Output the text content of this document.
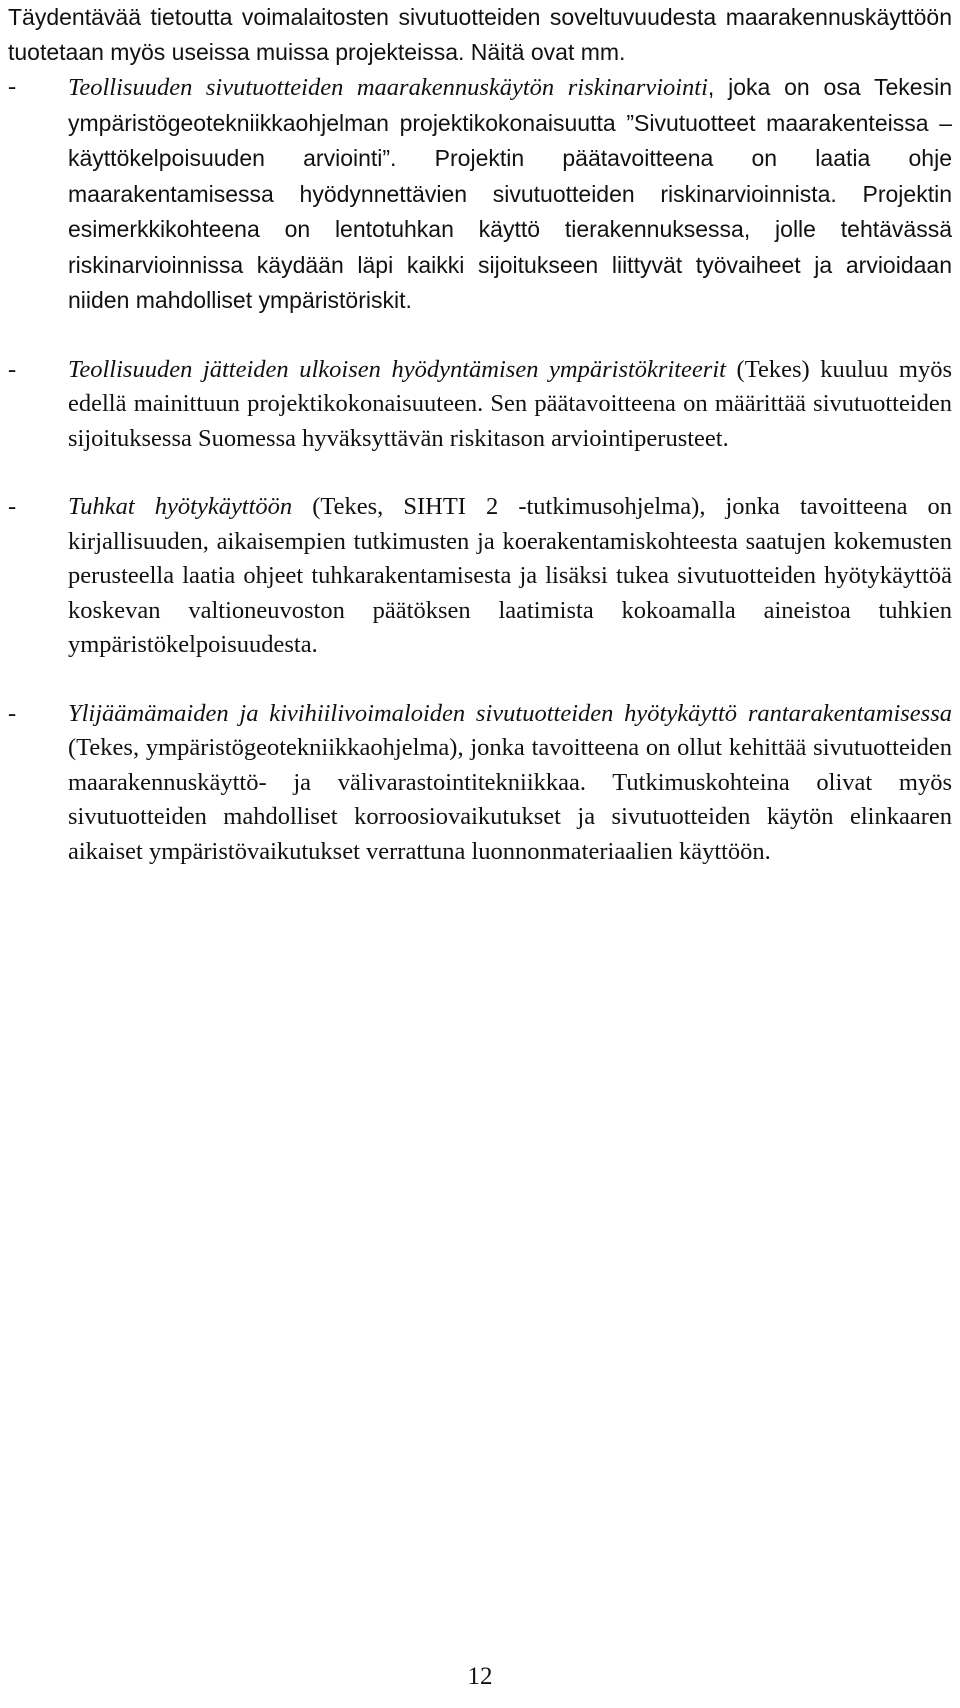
Täydentävää tietoutta voimalaitosten sivutuotteiden soveltuvuudesta maarakennuskäyttöön tuotetaan myös useissa muissa projekteissa. Näitä ovat mm.

- Teollisuuden sivutuotteiden maarakennuskäytön riskinarviointi, joka on osa Tekesin ympäristögeotekniikkaohjelman projektikokonaisuutta ”Sivutuotteet maarakenteissa – käyttökelpoisuuden arviointi”. Projektin päätavoitteena on laatia ohje maarakentamisessa hyödynnettävien sivutuotteiden riskinarvioinnista. Projektin esimerkkikohteena on lentotuhkan käyttö tierakennuksessa, jolle tehtävässä riskinarvioinnissa käydään läpi kaikki sijoitukseen liittyvät työvaiheet ja arvioidaan niiden mahdolliset ympäristöriskit.
- Teollisuuden jätteiden ulkoisen hyödyntämisen ympäristökriteerit (Tekes) kuuluu myös edellä mainittuun projektikokonaisuuteen. Sen päätavoitteena on määrittää sivutuotteiden sijoituksessa Suomessa hyväksyttävän riskitason arviointiperusteet.
- Tuhkat hyötykäyttöön (Tekes, SIHTI 2 -tutkimusohjelma), jonka tavoitteena on kirjallisuuden, aikaisempien tutkimusten ja koerakentamiskohteesta saatujen kokemusten perusteella laatia ohjeet tuhkarakentamisesta ja lisäksi tukea sivutuotteiden hyötykäyttöä koskevan valtioneuvoston päätöksen laatimista kokoamalla aineistoa tuhkien ympäristökelpoisuudesta.
- Ylijäämämaiden ja kivihiilivoimaloiden sivutuotteiden hyötykäyttö rantarakentamisessa (Tekes, ympäristögeotekniikkaohjelma), jonka tavoitteena on ollut kehittää sivutuotteiden maarakennuskäyttö- ja välivarastointitekniikkaa. Tutkimuskohteina olivat myös sivutuotteiden mahdolliset korroosiovaikutukset ja sivutuotteiden käytön elinkaaren aikaiset ympäristövaikutukset verrattuna luonnonmateriaalien käyttöön.
12
